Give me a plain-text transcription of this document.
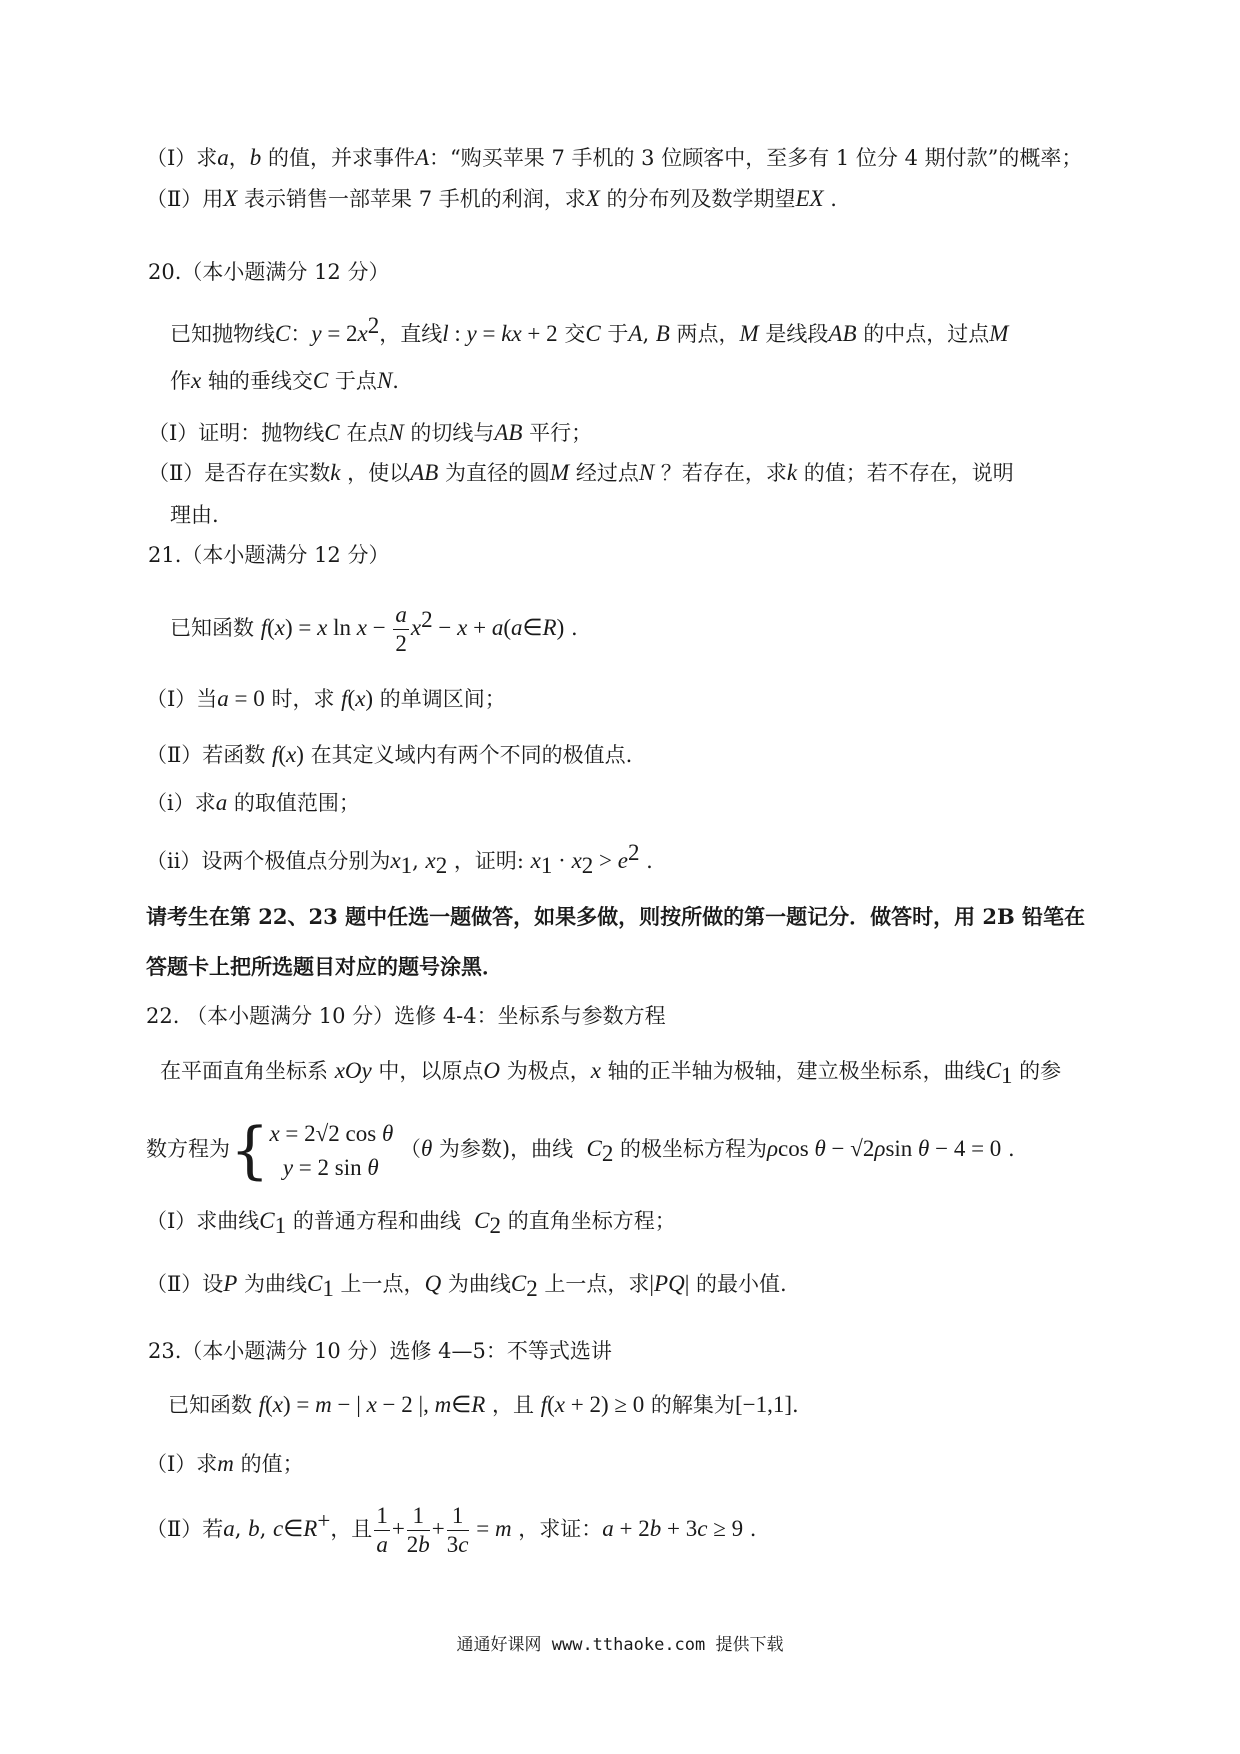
（Ⅰ）求a，b 的值，并求事件A：“购买苹果 7 手机的 3 位顾客中，至多有 1 位分 4 期付款”的概率；
（Ⅱ）用X 表示销售一部苹果 7 手机的利润，求X 的分布列及数学期望EX .
20.（本小题满分 12 分）
已知抛物线C：$y = 2x^2$，直线l : y = kx + 2 交C 于A, B 两点，M 是线段AB 的中点，过点M
作x 轴的垂线交C 于点N.
（Ⅰ）证明：抛物线C 在点N 的切线与AB 平行；
（Ⅱ）是否存在实数k ，使以AB 为直径的圆M 经过点N ？若存在，求k 的值；若不存在，说明
理由.
21.（本小题满分 12 分）
已知函数 f(x) = x $\ln x - \frac{a}{2} x^2 - x$ + a(a∈R) .
（Ⅰ）当a = 0 时，求 f(x) 的单调区间；
（Ⅱ）若函数 f(x) 在其定义域内有两个不同的极值点.
（ⅰ）求a 的取值范围；
（ⅱ）设两个极值点分别为$x_1$, $x_2$ ，证明: $x_1 \cdot x_2 > e^2$ .
请考生在第 22、23 题中任选一题做答，如果多做，则按所做的第一题记分．做答时，用 2B 铅笔在
答题卡上把所选题目对应的题号涂黑．
22. （本小题满分 10 分）选修 4-4：坐标系与参数方程
在平面直角坐标系 xOy 中，以原点O 为极点，x 轴的正半轴为极轴，建立极坐标系，曲线$C_1$ 的参
数方程为{ x = 2√2 cos θ
y = 2 sin θ
（θ 为参数)，曲线  $C_2$ 的极坐标方程为ρcos θ − √2ρsin θ − 4 = 0 .
（Ⅰ）求曲线$C_1$ 的普通方程和曲线  $C_2$ 的直角坐标方程；
（Ⅱ）设P 为曲线$C_1$ 上一点，Q 为曲线$C_2$ 上一点，求|PQ| 的最小值.
23.（本小题满分 10 分）选修 4—5：不等式选讲
已知函数 f(x) = m − | x − 2 |, m∈R ，且 f(x + 2) ≥ 0 的解集为[−1,1].
（Ⅰ）求m 的值；
（Ⅱ）若a, b, c∈R+，且 $\frac{1}{a} + \frac{1}{2b} + \frac{1}{3c} = m$ ，求证：a + 2b + 3c ≥ 9 .
通通好课网 www.tthaoke.com 提供下载
